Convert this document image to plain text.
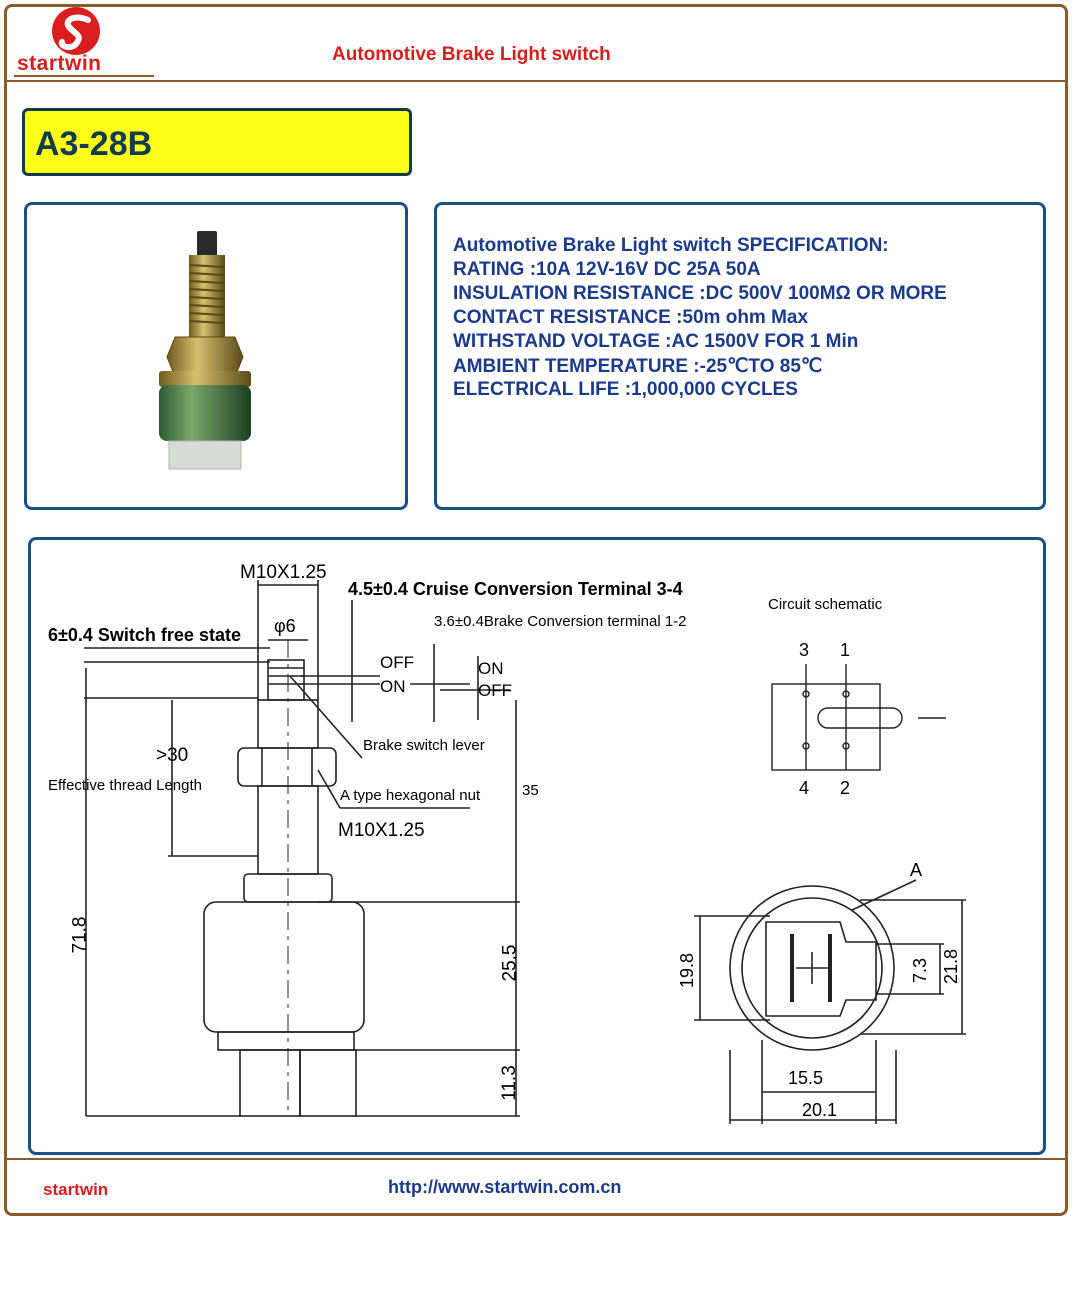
startwin	Automotive Brake Light switch
A3-28B
Automotive Brake Light switch SPECIFICATION:
RATING :10A 12V-16V DC 25A 50A
INSULATION RESISTANCE :DC 500V 100MΩ OR MORE
CONTACT RESISTANCE :50m ohm Max
WITHSTAND VOLTAGE :AC 1500V FOR 1 Min
AMBIENT TEMPERATURE :-25℃TO 85℃
ELECTRICAL LIFE :1,000,000 CYCLES
M10X1.25
4.5±0.4 Cruise Conversion Terminal 3-4
3.6±0.4Brake Conversion terminal 1-2
6±0.4 Switch free state φ6
OFF
ON
ON
OFF
>30
Effective thread Length
Brake switch lever
A type hexagonal nut
M10X1.25
35
71.8
25.5
11.3
Circuit schematic
3 1
4 2
A
19.8	7.3 21.8
15.5
20.1
startwin	http://www.startwin.com.cn
